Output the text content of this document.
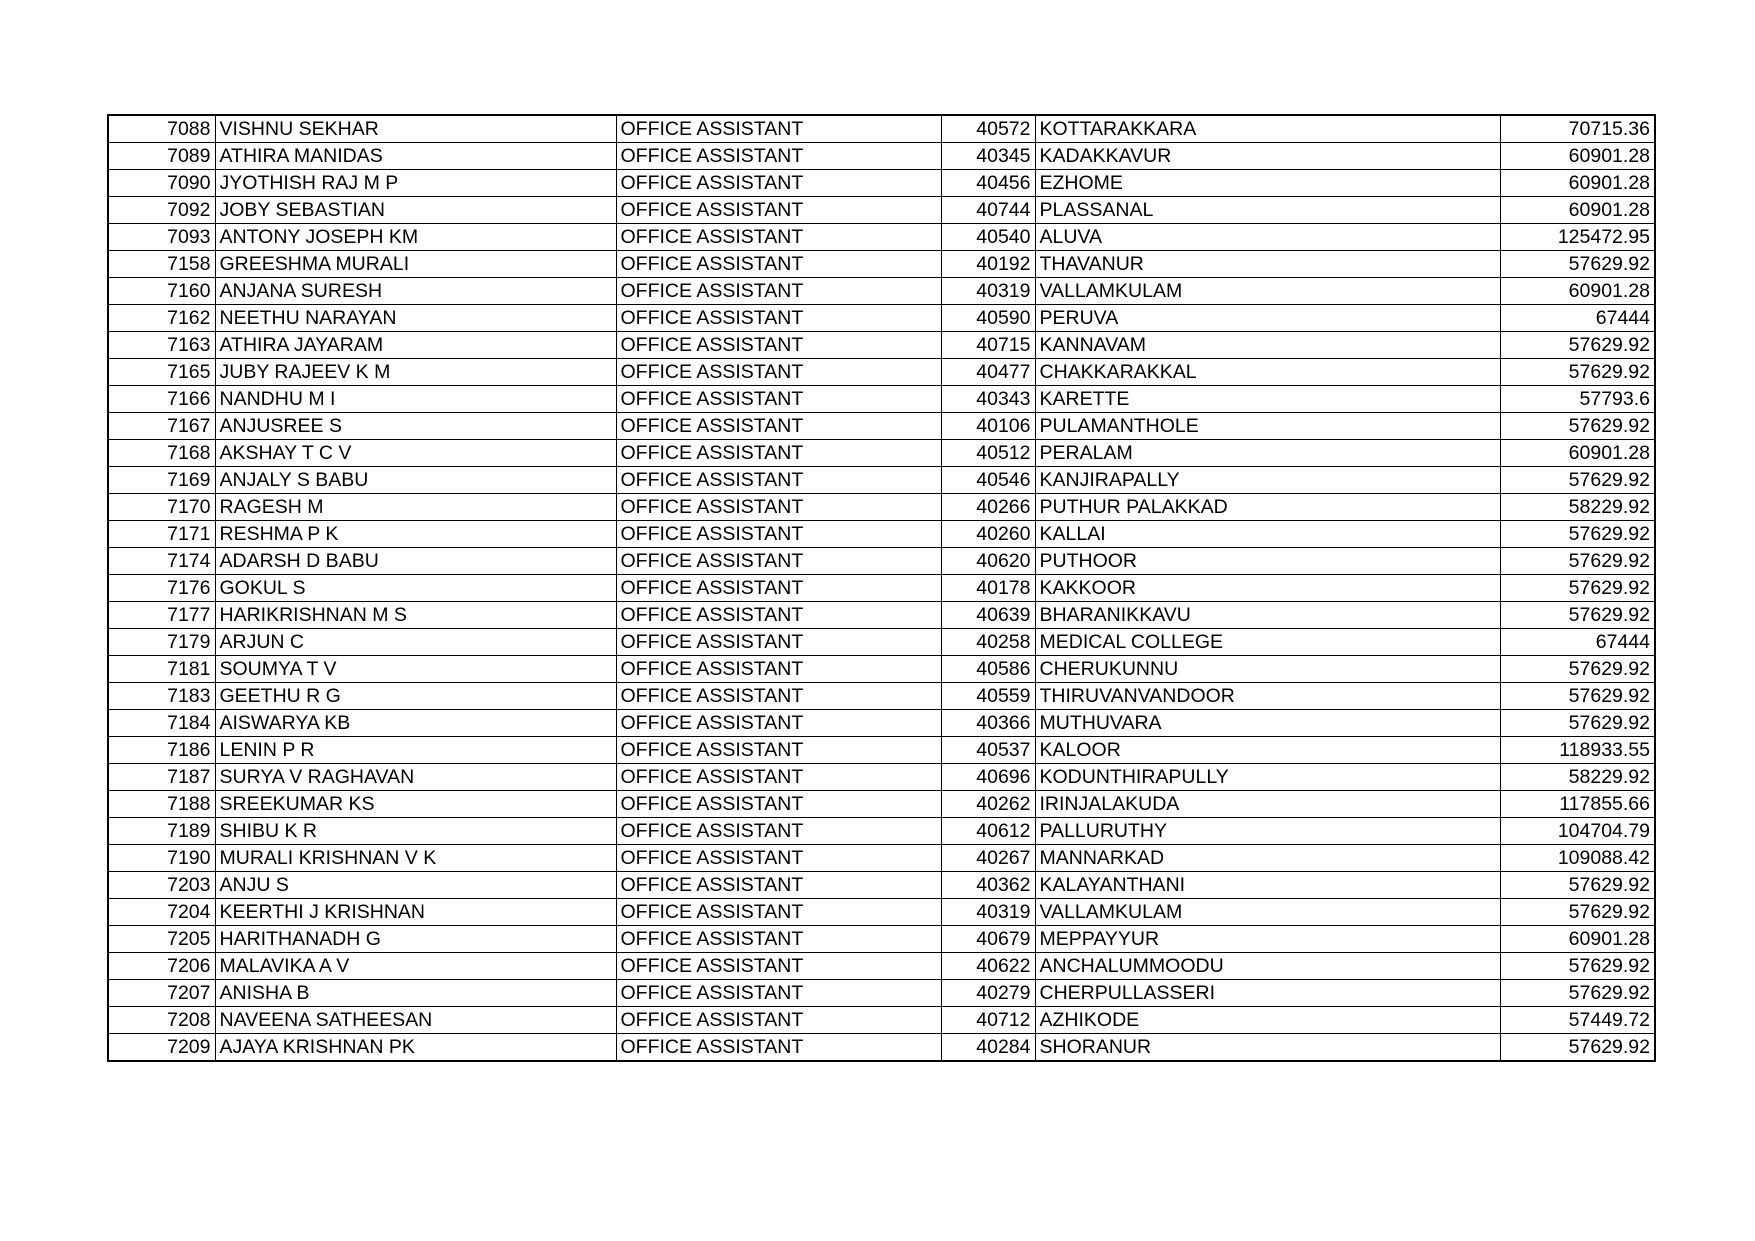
7088	VISHNU SEKHAR	OFFICE ASSISTANT	40572	KOTTARAKKARA	70715.36
7089	ATHIRA MANIDAS	OFFICE ASSISTANT	40345	KADAKKAVUR	60901.28
7090	JYOTHISH RAJ M P	OFFICE ASSISTANT	40456	EZHOME	60901.28
7092	JOBY SEBASTIAN	OFFICE ASSISTANT	40744	PLASSANAL	60901.28
7093	ANTONY JOSEPH KM	OFFICE ASSISTANT	40540	ALUVA	125472.95
7158	GREESHMA MURALI	OFFICE ASSISTANT	40192	THAVANUR	57629.92
7160	ANJANA SURESH	OFFICE ASSISTANT	40319	VALLAMKULAM	60901.28
7162	NEETHU NARAYAN	OFFICE ASSISTANT	40590	PERUVA	67444
7163	ATHIRA JAYARAM	OFFICE ASSISTANT	40715	KANNAVAM	57629.92
7165	JUBY RAJEEV K M	OFFICE ASSISTANT	40477	CHAKKARAKKAL	57629.92
7166	NANDHU M I	OFFICE ASSISTANT	40343	KARETTE	57793.6
7167	ANJUSREE S	OFFICE ASSISTANT	40106	PULAMANTHOLE	57629.92
7168	AKSHAY T C V	OFFICE ASSISTANT	40512	PERALAM	60901.28
7169	ANJALY S BABU	OFFICE ASSISTANT	40546	KANJIRAPALLY	57629.92
7170	RAGESH M	OFFICE ASSISTANT	40266	PUTHUR PALAKKAD	58229.92
7171	RESHMA P K	OFFICE ASSISTANT	40260	KALLAI	57629.92
7174	ADARSH D BABU	OFFICE ASSISTANT	40620	PUTHOOR	57629.92
7176	GOKUL S	OFFICE ASSISTANT	40178	KAKKOOR	57629.92
7177	HARIKRISHNAN M S	OFFICE ASSISTANT	40639	BHARANIKKAVU	57629.92
7179	ARJUN C	OFFICE ASSISTANT	40258	MEDICAL COLLEGE	67444
7181	SOUMYA T V	OFFICE ASSISTANT	40586	CHERUKUNNU	57629.92
7183	GEETHU R G	OFFICE ASSISTANT	40559	THIRUVANVANDOOR	57629.92
7184	AISWARYA KB	OFFICE ASSISTANT	40366	MUTHUVARA	57629.92
7186	LENIN P R	OFFICE ASSISTANT	40537	KALOOR	118933.55
7187	SURYA V RAGHAVAN	OFFICE ASSISTANT	40696	KODUNTHIRAPULLY	58229.92
7188	SREEKUMAR KS	OFFICE ASSISTANT	40262	IRINJALAKUDA	117855.66
7189	SHIBU K R	OFFICE ASSISTANT	40612	PALLURUTHY	104704.79
7190	MURALI KRISHNAN V K	OFFICE ASSISTANT	40267	MANNARKAD	109088.42
7203	ANJU S	OFFICE ASSISTANT	40362	KALAYANTHANI	57629.92
7204	KEERTHI J KRISHNAN	OFFICE ASSISTANT	40319	VALLAMKULAM	57629.92
7205	HARITHANADH G	OFFICE ASSISTANT	40679	MEPPAYYUR	60901.28
7206	MALAVIKA A V	OFFICE ASSISTANT	40622	ANCHALUMMOODU	57629.92
7207	ANISHA B	OFFICE ASSISTANT	40279	CHERPULLASSERI	57629.92
7208	NAVEENA SATHEESAN	OFFICE ASSISTANT	40712	AZHIKODE	57449.72
7209	AJAYA KRISHNAN PK	OFFICE ASSISTANT	40284	SHORANUR	57629.92
